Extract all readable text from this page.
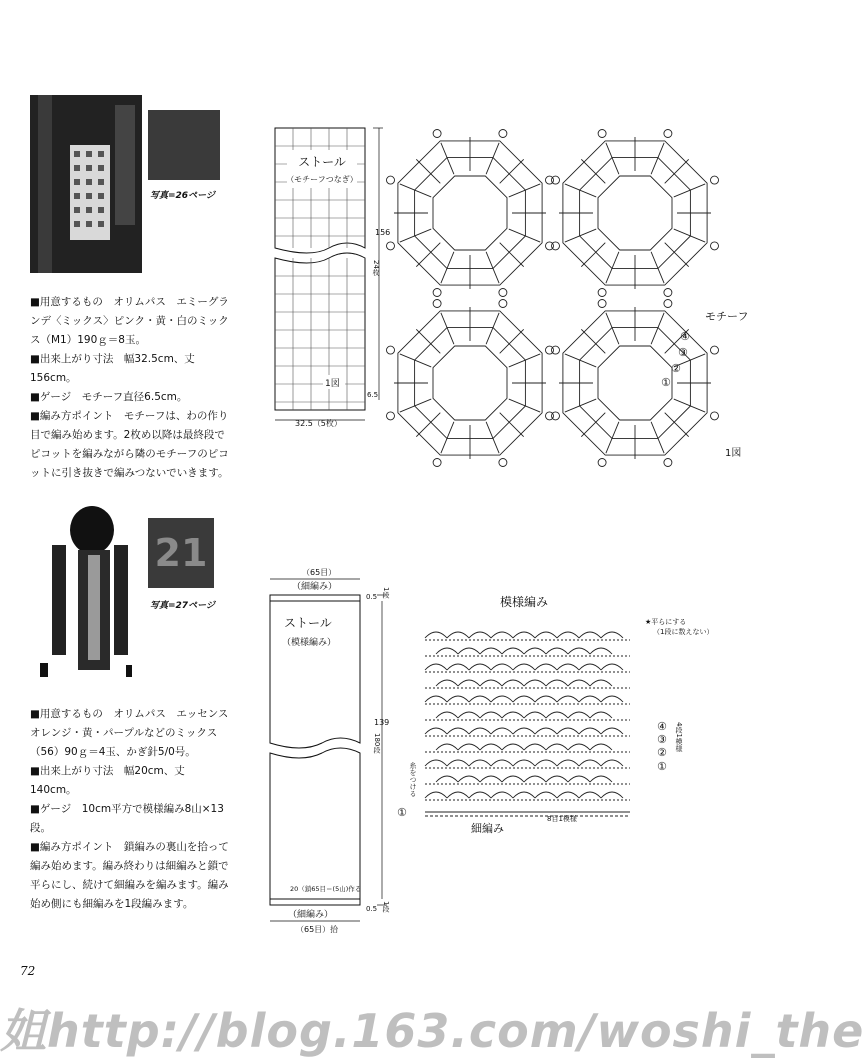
写真=26ページ

■用意するもの　オリムパス　エミーグランデ〈ミックス〉ピンク・黄・白のミックス（M1）190ｇ＝8玉。

■出来上がり寸法　幅32.5cm、丈156cm。

■ゲージ　モチーフ直径6.5cm。

■編み方ポイント　モチーフは、わの作り目で編み始めます。2枚め以降は最終段でピコットを編みながら隣のモチーフのピコットに引き抜きで編みつないでいきます。

ストール
（モチーフつなぎ）
1図
156
24枚
6.5
32.5（5枚）
モチーフ
1図
④
③
②
①
21
写真=27ページ

■用意するもの　オリムパス　エッセンス　オレンジ・黄・パープルなどのミックス（56）90ｇ＝4玉、かぎ針5/0号。

■出来上がり寸法　幅20cm、丈140cm。

■ゲージ　10cm平方で模様編み8山×13段。

■編み方ポイント　鎖編みの裏山を拾って編み始めます。編み終わりは細編みと鎖で平らにし、続けて細編みを編みます。編み始め側にも細編みを1段編みます。

（65目）
（細編み）
0.5 1段
ストール
（模様編み）
139
180段
20（鎖65目＝(5山)作る
（細編み）
（65目）拾
0.5 1段
模様編み
★平らにする
（1段に数えない）
④
③
②
①
4段1模様
糸をつける
①
細編み
8目1模様
72
姐http://blog.163.com/woshi_the
